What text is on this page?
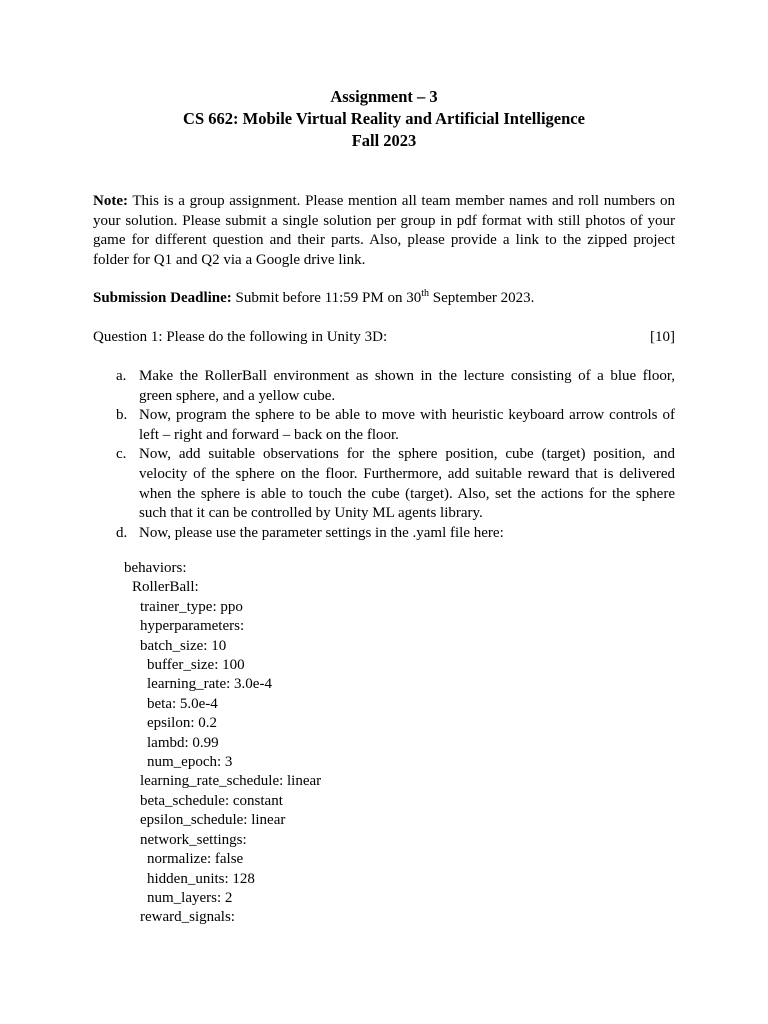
Assignment – 3
CS 662: Mobile Virtual Reality and Artificial Intelligence
Fall 2023
Note: This is a group assignment. Please mention all team member names and roll numbers on your solution. Please submit a single solution per group in pdf format with still photos of your game for different question and their parts. Also, please provide a link to the zipped project folder for Q1 and Q2 via a Google drive link.
Submission Deadline: Submit before 11:59 PM on 30th September 2023.
Question 1: Please do the following in Unity 3D:	[10]
a. Make the RollerBall environment as shown in the lecture consisting of a blue floor, green sphere, and a yellow cube.
b. Now, program the sphere to be able to move with heuristic keyboard arrow controls of left – right and forward – back on the floor.
c. Now, add suitable observations for the sphere position, cube (target) position, and velocity of the sphere on the floor. Furthermore, add suitable reward that is delivered when the sphere is able to touch the cube (target). Also, set the actions for the sphere such that it can be controlled by Unity ML agents library.
d. Now, please use the parameter settings in the .yaml file here:
behaviors:
RollerBall:
trainer_type: ppo
hyperparameters:
batch_size: 10
buffer_size: 100
learning_rate: 3.0e-4
beta: 5.0e-4
epsilon: 0.2
lambd: 0.99
num_epoch: 3
learning_rate_schedule: linear
beta_schedule: constant
epsilon_schedule: linear
network_settings:
normalize: false
hidden_units: 128
num_layers: 2
reward_signals:
